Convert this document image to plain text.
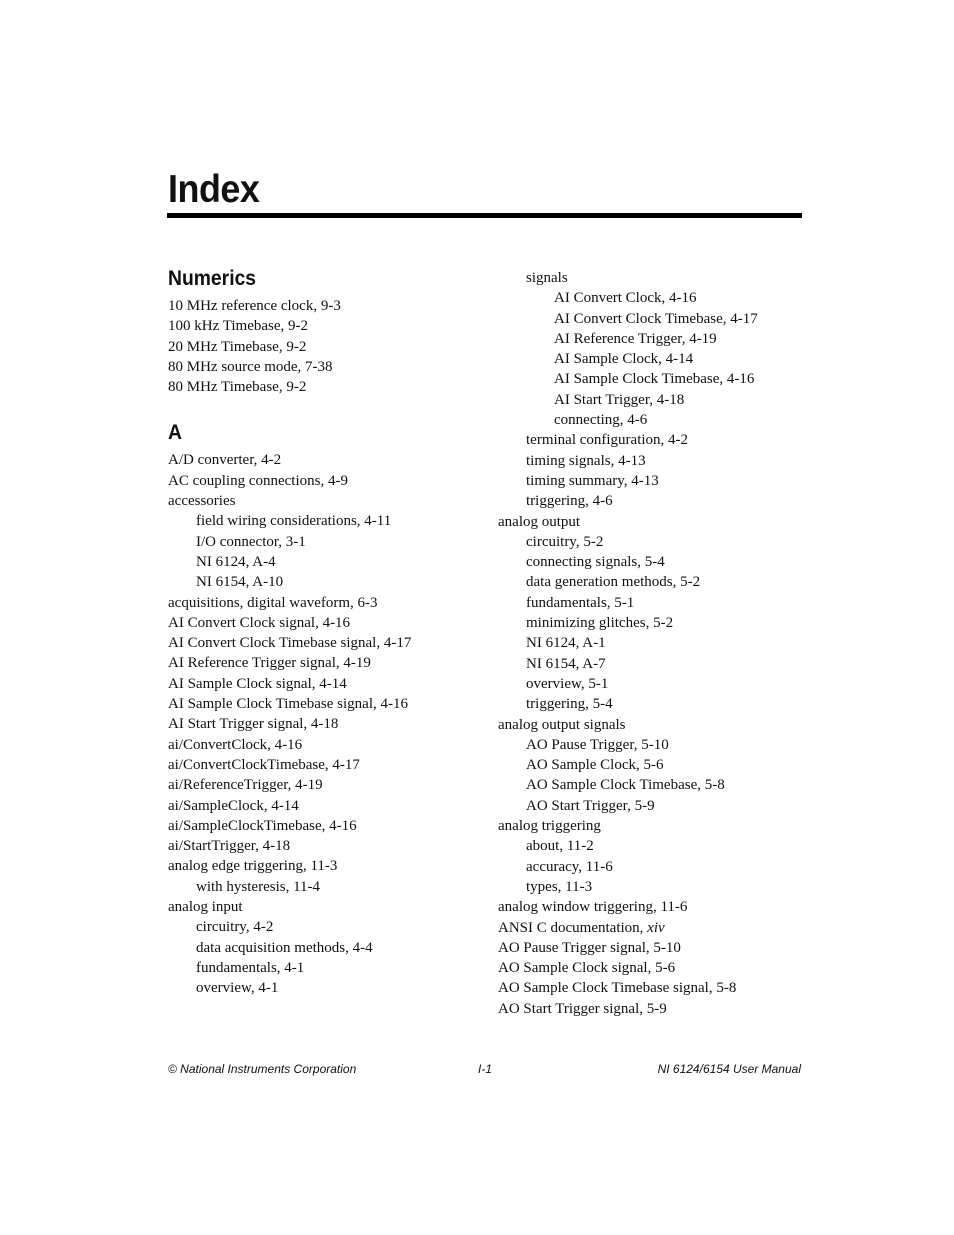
Index
Numerics
10 MHz reference clock, 9-3
100 kHz Timebase, 9-2
20 MHz Timebase, 9-2
80 MHz source mode, 7-38
80 MHz Timebase, 9-2
A
A/D converter, 4-2
AC coupling connections, 4-9
accessories
field wiring considerations, 4-11
I/O connector, 3-1
NI 6124, A-4
NI 6154, A-10
acquisitions, digital waveform, 6-3
AI Convert Clock signal, 4-16
AI Convert Clock Timebase signal, 4-17
AI Reference Trigger signal, 4-19
AI Sample Clock signal, 4-14
AI Sample Clock Timebase signal, 4-16
AI Start Trigger signal, 4-18
ai/ConvertClock, 4-16
ai/ConvertClockTimebase, 4-17
ai/ReferenceTrigger, 4-19
ai/SampleClock, 4-14
ai/SampleClockTimebase, 4-16
ai/StartTrigger, 4-18
analog edge triggering, 11-3
with hysteresis, 11-4
analog input
circuitry, 4-2
data acquisition methods, 4-4
fundamentals, 4-1
overview, 4-1
signals
AI Convert Clock, 4-16
AI Convert Clock Timebase, 4-17
AI Reference Trigger, 4-19
AI Sample Clock, 4-14
AI Sample Clock Timebase, 4-16
AI Start Trigger, 4-18
connecting, 4-6
terminal configuration, 4-2
timing signals, 4-13
timing summary, 4-13
triggering, 4-6
analog output
circuitry, 5-2
connecting signals, 5-4
data generation methods, 5-2
fundamentals, 5-1
minimizing glitches, 5-2
NI 6124, A-1
NI 6154, A-7
overview, 5-1
triggering, 5-4
analog output signals
AO Pause Trigger, 5-10
AO Sample Clock, 5-6
AO Sample Clock Timebase, 5-8
AO Start Trigger, 5-9
analog triggering
about, 11-2
accuracy, 11-6
types, 11-3
analog window triggering, 11-6
ANSI C documentation, xiv
AO Pause Trigger signal, 5-10
AO Sample Clock signal, 5-6
AO Sample Clock Timebase signal, 5-8
AO Start Trigger signal, 5-9
© National Instruments Corporation	I-1	NI 6124/6154 User Manual
